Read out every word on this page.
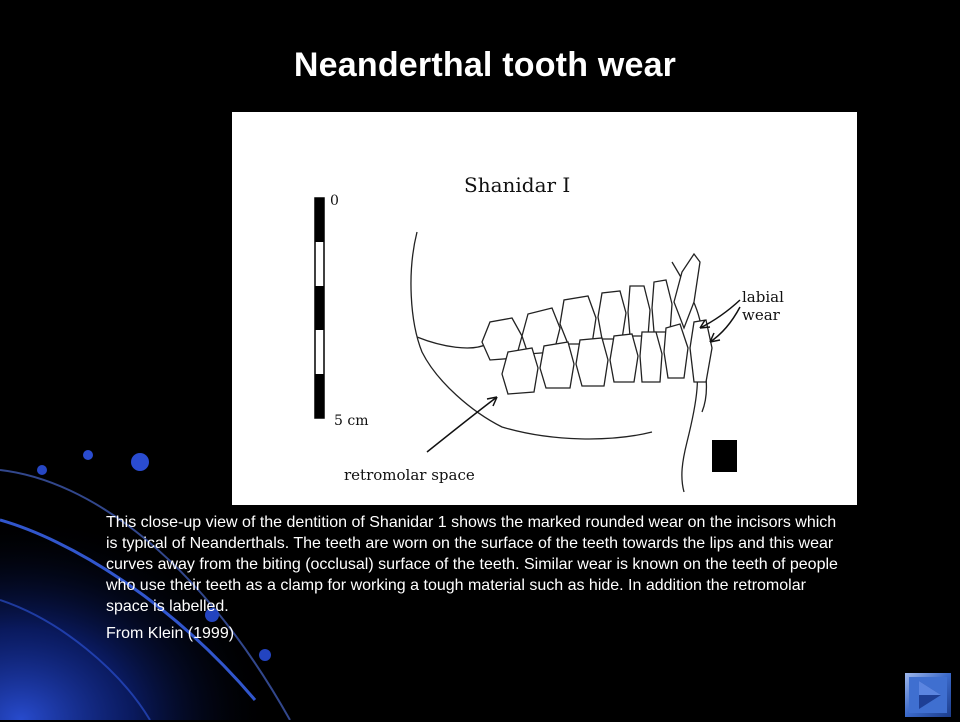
Neanderthal tooth wear
Shanidar I
0
5 cm
labial
wear
retromolar space

This close-up view of the dentition of Shanidar 1 shows the marked rounded wear on the incisors which is typical of Neanderthals. The teeth are worn on the surface of the teeth towards the lips and this wear curves away from the biting (occlusal) surface of the teeth. Similar wear is known on the teeth of people who use their teeth as a clamp for working a tough material such as hide. In addition the retromolar space is labelled.

From Klein (1999)
